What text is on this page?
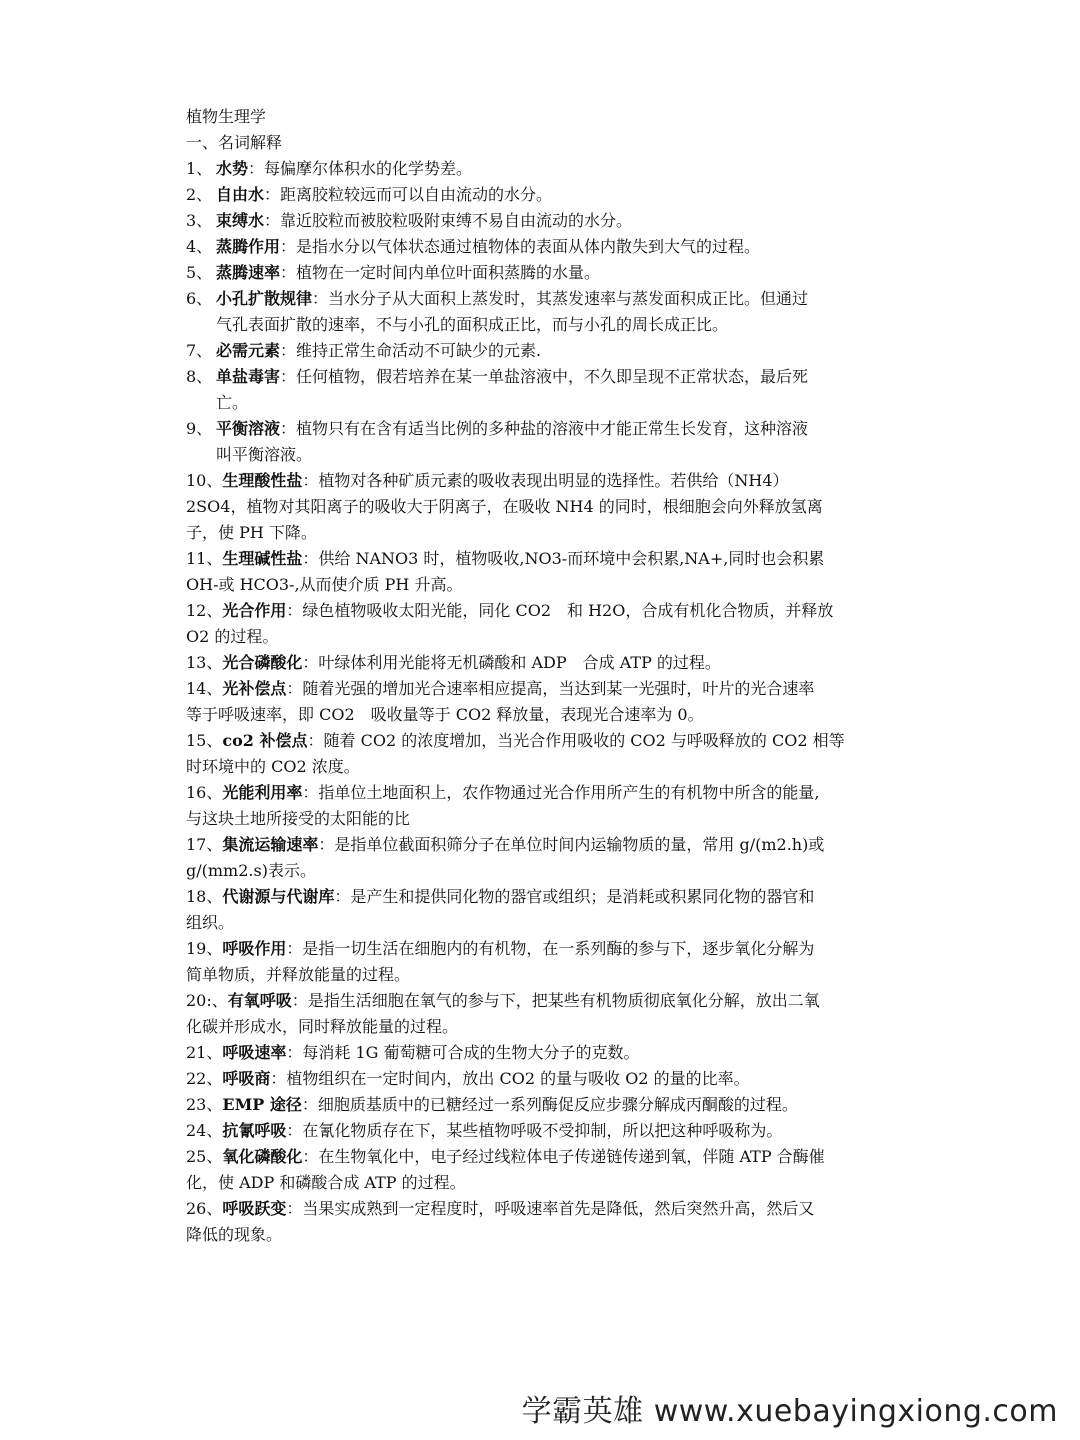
植物生理学
一、名词解释
1、 水势：每偏摩尔体积水的化学势差。
2、 自由水：距离胶粒较远而可以自由流动的水分。
3、 束缚水：靠近胶粒而被胶粒吸附束缚不易自由流动的水分。
4、 蒸腾作用：是指水分以气体状态通过植物体的表面从体内散失到大气的过程。
5、 蒸腾速率：植物在一定时间内单位叶面积蒸腾的水量。
6、 小孔扩散规律：当水分子从大面积上蒸发时，其蒸发速率与蒸发面积成正比。但通过
气孔表面扩散的速率，不与小孔的面积成正比，而与小孔的周长成正比。
7、 必需元素：维持正常生命活动不可缺少的元素.
8、 单盐毒害：任何植物，假若培养在某一单盐溶液中，不久即呈现不正常状态，最后死
亡。
9、 平衡溶液：植物只有在含有适当比例的多种盐的溶液中才能正常生长发育，这种溶液
叫平衡溶液。
10、生理酸性盐：植物对各种矿质元素的吸收表现出明显的选择性。若供给（NH4）
2SO4，植物对其阳离子的吸收大于阴离子，在吸收 NH4 的同时，根细胞会向外释放氢离
子，使 PH 下降。
11、生理碱性盐：供给 NANO3 时，植物吸收,NO3-而环境中会积累,NA+,同时也会积累
OH-或 HCO3-,从而使介质 PH 升高。
12、光合作用：绿色植物吸收太阳光能，同化 CO2　和 H2O，合成有机化合物质，并释放
O2 的过程。
13、光合磷酸化：叶绿体利用光能将无机磷酸和 ADP　合成 ATP 的过程。
14、光补偿点：随着光强的增加光合速率相应提高，当达到某一光强时，叶片的光合速率
等于呼吸速率，即 CO2　吸收量等于 CO2 释放量，表现光合速率为 0。
15、co2 补偿点：随着 CO2 的浓度增加，当光合作用吸收的 CO2 与呼吸释放的 CO2 相等
时环境中的 CO2 浓度。
16、光能利用率：指单位土地面积上，农作物通过光合作用所产生的有机物中所含的能量,
与这块土地所接受的太阳能的比
17、集流运输速率：是指单位截面积筛分子在单位时间内运输物质的量，常用 g/(m2.h)或
g/(mm2.s)表示。
18、代谢源与代谢库：是产生和提供同化物的器官或组织；是消耗或积累同化物的器官和
组织。
19、呼吸作用：是指一切生活在细胞内的有机物，在一系列酶的参与下，逐步氧化分解为
简单物质，并释放能量的过程。
20:、有氧呼吸：是指生活细胞在氧气的参与下，把某些有机物质彻底氧化分解，放出二氧
化碳并形成水，同时释放能量的过程。
21、呼吸速率：每消耗 1G 葡萄糖可合成的生物大分子的克数。
22、呼吸商：植物组织在一定时间内，放出 CO2 的量与吸收 O2 的量的比率。
23、EMP 途径：细胞质基质中的已糖经过一系列酶促反应步骤分解成丙酮酸的过程。
24、抗氰呼吸：在氰化物质存在下，某些植物呼吸不受抑制，所以把这种呼吸称为。
25、氧化磷酸化：在生物氧化中，电子经过线粒体电子传递链传递到氧，伴随 ATP 合酶催
化，使 ADP 和磷酸合成 ATP 的过程。
26、呼吸跃变：当果实成熟到一定程度时，呼吸速率首先是降低，然后突然升高，然后又
降低的现象。
学霸英雄 www.xuebayingxiong.com
